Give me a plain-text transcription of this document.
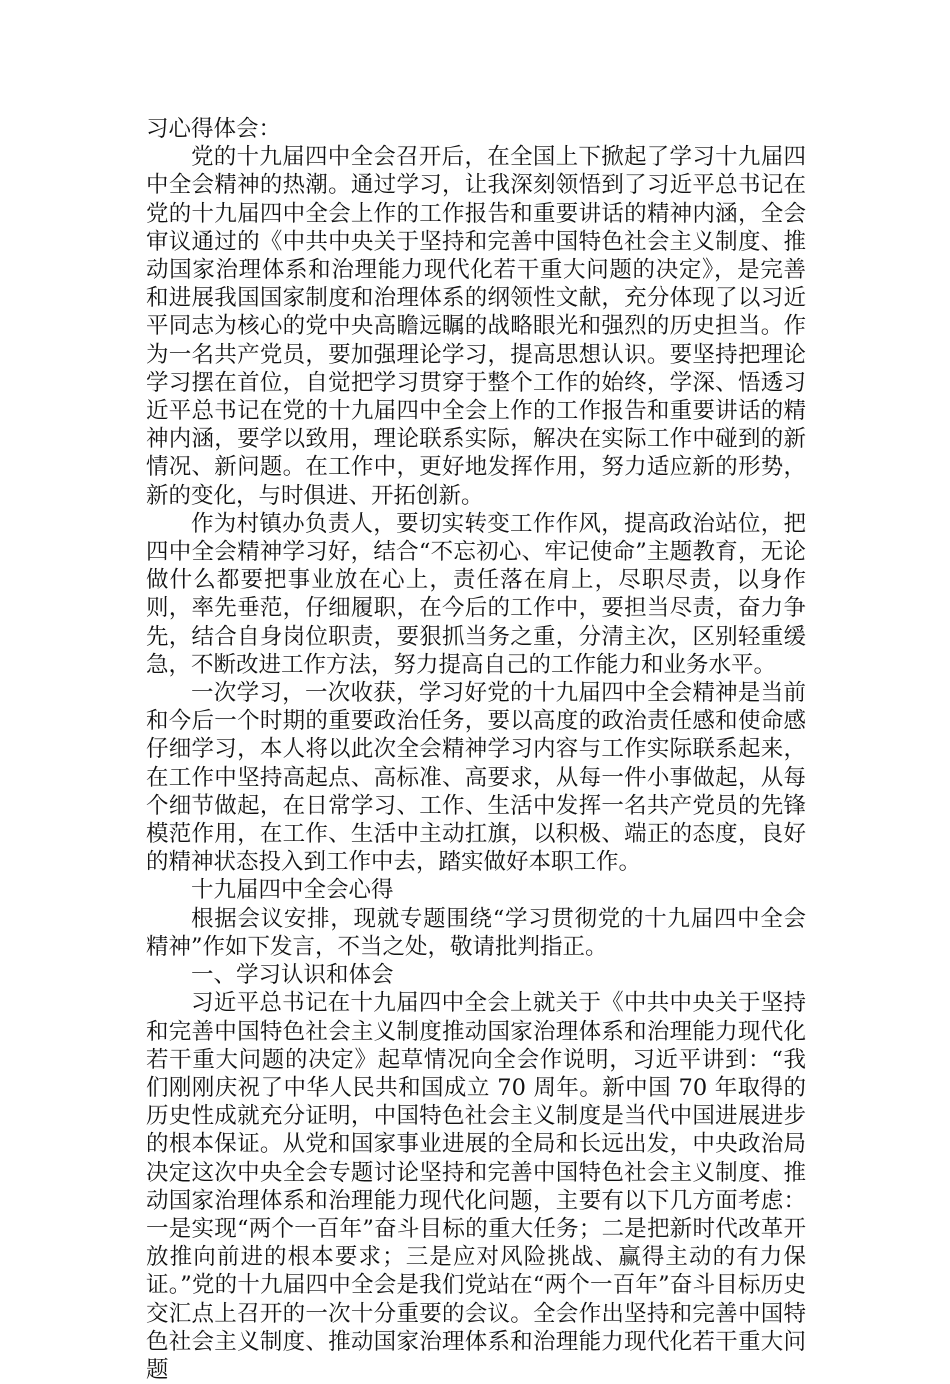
习心得体会：

党的十九届四中全会召开后，在全国上下掀起了学习十九届四中全会精神的热潮。通过学习，让我深刻领悟到了习近平总书记在党的十九届四中全会上作的工作报告和重要讲话的精神内涵，全会审议通过的《中共中央关于坚持和完善中国特色社会主义制度、推动国家治理体系和治理能力现代化若干重大问题的决定》，是完善和进展我国国家制度和治理体系的纲领性文献，充分体现了以习近平同志为核心的党中央高瞻远瞩的战略眼光和强烈的历史担当。作为一名共产党员，要加强理论学习，提高思想认识。要坚持把理论学习摆在首位，自觉把学习贯穿于整个工作的始终，学深、悟透习近平总书记在党的十九届四中全会上作的工作报告和重要讲话的精神内涵，要学以致用，理论联系实际，解决在实际工作中碰到的新情况、新问题。在工作中，更好地发挥作用，努力适应新的形势，新的变化，与时俱进、开拓创新。

作为村镇办负责人，要切实转变工作作风，提高政治站位，把四中全会精神学习好，结合“不忘初心、牢记使命”主题教育，无论做什么都要把事业放在心上，责任落在肩上，尽职尽责，以身作则，率先垂范，仔细履职，在今后的工作中，要担当尽责，奋力争先，结合自身岗位职责，要狠抓当务之重，分清主次，区别轻重缓急，不断改进工作方法，努力提高自己的工作能力和业务水平。

一次学习，一次收获，学习好党的十九届四中全会精神是当前和今后一个时期的重要政治任务，要以高度的政治责任感和使命感仔细学习，本人将以此次全会精神学习内容与工作实际联系起来，在工作中坚持高起点、高标准、高要求，从每一件小事做起，从每个细节做起，在日常学习、工作、生活中发挥一名共产党员的先锋模范作用，在工作、生活中主动扛旗，以积极、端正的态度，良好的精神状态投入到工作中去，踏实做好本职工作。

十九届四中全会心得

根据会议安排，现就专题围绕“学习贯彻党的十九届四中全会精神”作如下发言，不当之处，敬请批判指正。

一、学习认识和体会

习近平总书记在十九届四中全会上就关于《中共中央关于坚持和完善中国特色社会主义制度推动国家治理体系和治理能力现代化若干重大问题的决定》起草情况向全会作说明，习近平讲到：“我们刚刚庆祝了中华人民共和国成立 70 周年。新中国 70 年取得的历史性成就充分证明，中国特色社会主义制度是当代中国进展进步的根本保证。从党和国家事业进展的全局和长远出发，中央政治局决定这次中央全会专题讨论坚持和完善中国特色社会主义制度、推动国家治理体系和治理能力现代化问题，主要有以下几方面考虑：一是实现“两个一百年”奋斗目标的重大任务；二是把新时代改革开放推向前进的根本要求；三是应对风险挑战、赢得主动的有力保证。”党的十九届四中全会是我们党站在“两个一百年”奋斗目标历史交汇点上召开的一次十分重要的会议。全会作出坚持和完善中国特色社会主义制度、推动国家治理体系和治理能力现代化若干重大问题
